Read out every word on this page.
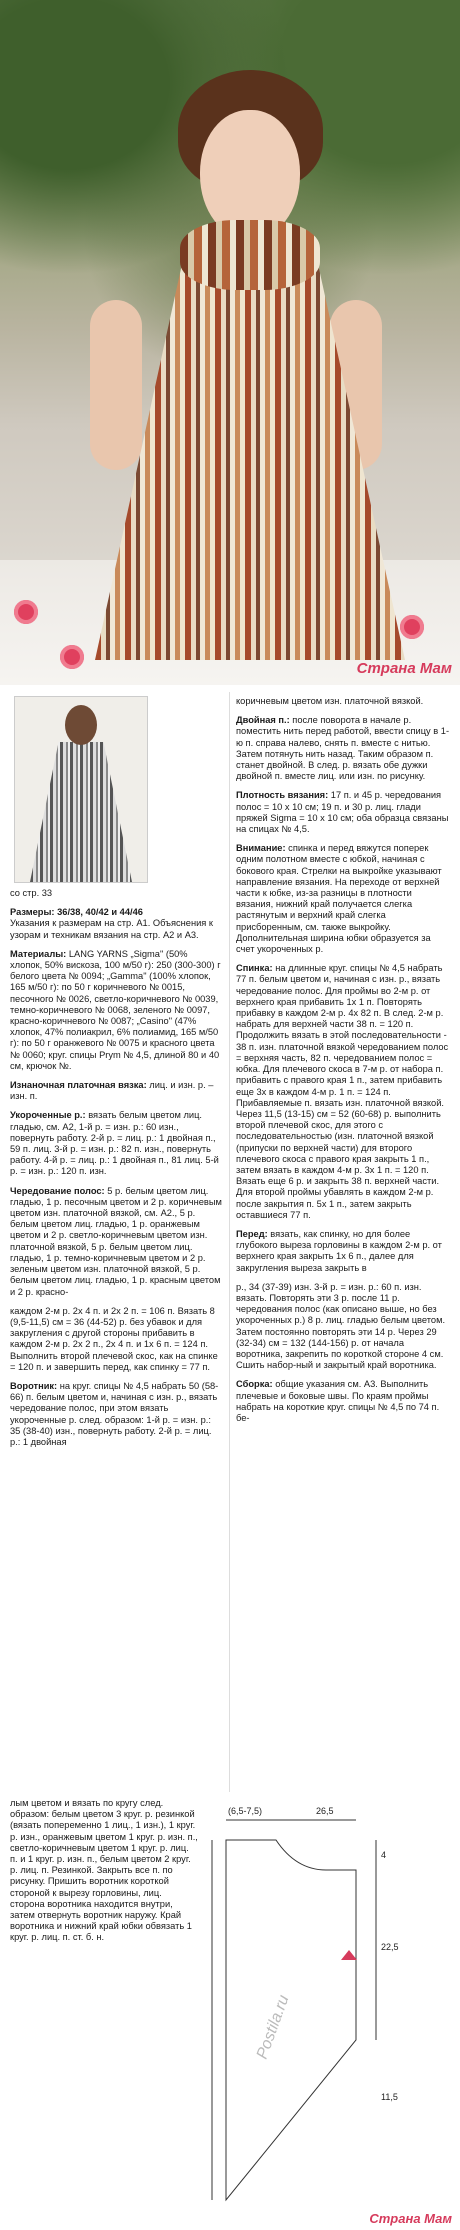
Страна Мам

со стр. 33

Размеры: 36/38, 40/42 и 44/46
Указания к размерам на стр. A1. Объяснения к узорам и техникам вязания на стр. A2 и A3.

Материалы: LANG YARNS „Sigma" (50% хлопок, 50% вискоза, 100 м/50 г): 250 (300-300) г белого цвета № 0094; „Gamma" (100% хлопок, 165 м/50 г): по 50 г коричневого № 0015, песочного № 0026, светло-коричневого № 0039, темно-коричневого № 0068, зеленого № 0097, красно-коричневого № 0087; „Casino" (47% хлопок, 47% полиакрил, 6% полиамид, 165 м/50 г): по 50 г оранжевого № 0075 и красного цвета № 0060; круг. спицы Prym № 4,5, длиной 80 и 40 см, крючок №.

Изнаночная платочная вязка: лиц. и изн. р. – изн. п.

Укороченные р.: вязать белым цветом лиц. гладью, см. A2, 1-й р. = изн. р.: 60 изн., повернуть работу. 2-й р. = лиц. р.: 1 двойная п., 59 п. лиц. 3-й р. = изн. р.: 82 п. изн., повернуть работу. 4-й р. = лиц. р.: 1 двойная п., 81 лиц. 5-й р. = изн. р.: 120 п. изн.

Чередование полос: 5 р. белым цветом лиц. гладью, 1 р. песочным цветом и 2 р. коричневым цветом изн. платочной вязкой, см. A2., 5 р. белым цветом лиц. гладью, 1 р. оранжевым цветом и 2 р. светло-коричневым цветом изн. платочной вязкой, 5 р. белым цветом лиц. гладью, 1 р. темно-коричневым цветом и 2 р. зеленым цветом изн. платочной вязкой, 5 р. белым цветом лиц. гладью, 1 р. красным цветом и 2 р. красно-

каждом 2-м р. 2х 4 п. и 2х 2 п. = 106 п. Вязать 8 (9,5-11,5) см = 36 (44-52) р. без убавок и для закругления с другой стороны прибавить в каждом 2-м р. 2х 2 п., 2х 4 п. и 1х 6 п. = 124 п. Выполнить второй плечевой скос, как на спинке = 120 п. и завершить перед, как спинку = 77 п.

Воротник: на круг. спицы № 4,5 набрать 50 (58-66) п. белым цветом и, начиная с изн. р., вязать чередование полос, при этом вязать укороченные р. след. образом: 1-й р. = изн. р.: 35 (38-40) изн., повернуть работу. 2-й р. = лиц. р.: 1 двойная

коричневым цветом изн. платочной вязкой.

Двойная п.: после поворота в начале р. поместить нить перед работой, ввести спицу в 1-ю п. справа налево, снять п. вместе с нитью. Затем потянуть нить назад. Таким образом п. станет двойной. В след. р. вязать обе дужки двойной п. вместе лиц. или изн. по рисунку.

Плотность вязания: 17 п. и 45 р. чередования полос = 10 х 10 см; 19 п. и 30 р. лиц. глади пряжей Sigma = 10 х 10 см; оба образца связаны на спицах № 4,5.

Внимание: спинка и перед вяжутся поперек одним полотном вместе с юбкой, начиная с бокового края. Стрелки на выкройке указывают направление вязания. На переходе от верхней части к юбке, из-за разницы в плотности вязания, нижний край получается слегка растянутым и верхний край слегка присборенным, см. также выкройку. Дополнительная ширина юбки образуется за счет укороченных р.

Спинка: на длинные круг. спицы № 4,5 набрать 77 п. белым цветом и, начиная с изн. р., вязать чередование полос. Для проймы во 2-м р. от верхнего края прибавить 1х 1 п. Повторять прибавку в каждом 2-м р. 4х 82 п. В след. 2-м р. набрать для верхней части 38 п. = 120 п. Продолжить вязать в этой последовательности - 38 п. изн. платочной вязкой чередованием полос = верхняя часть, 82 п. чередованием полос = юбка. Для плечевого скоса в 7-м р. от набора п. прибавить с правого края 1 п., затем прибавить еще 3х в каждом 4-м р. 1 п. = 124 п. Прибавляемые п. вязать изн. платочной вязкой. Через 11,5 (13-15) см = 52 (60-68) р. выполнить второй плечевой скос, для этого с последовательностью (изн. платочной вязкой (припуски по верхней части) для второго плечевого скоса с правого края закрыть 1 п., затем вязать в каждом 4-м р. 3х 1 п. = 120 п. Вязать еще 6 р. и закрыть 38 п. верхней части. Для второй проймы убавлять в каждом 2-м р. после закрытия п. 5х 1 п., затем закрыть оставшиеся 77 п.

Перед: вязать, как спинку, но для более глубокого выреза горловины в каждом 2-м р. от верхнего края закрыть 1х 6 п., далее для закругления выреза закрыть в

р., 34 (37-39) изн. 3-й р. = изн. р.: 60 п. изн. вязать. Повторять эти 3 р. после 11 р. чередования полос (как описано выше, но без укороченных р.) 8 р. лиц. гладью белым цветом. Затем постоянно повторять эти 14 р. Через 29 (32-34) см = 132 (144-156) р. от начала воротника, закрепить по короткой стороне 4 см. Сшить набор-ный и закрытый край воротника.

Сборка: общие указания см. A3. Выполнить плечевые и боковые швы. По краям проймы набрать на короткие круг. спицы № 4,5 по 74 п. бе-

лым цветом и вязать по кругу след. образом: белым цветом 3 круг. р. резинкой (вязать попеременно 1 лиц., 1 изн.), 1 круг. р. изн., оранжевым цветом 1 круг. р. изн. п., светло-коричневым цветом 1 круг. р. лиц. п. и 1 круг. р. изн. п., белым цветом 2 круг. р. лиц. п. Резинкой. Закрыть все п. по рисунку. Пришить воротник короткой стороной к вырезу горловины, лиц. сторона воротника находится внутри, затем отвернуть воротник наружу. Край воротника и нижний край юбки обвязать 1 круг. р. лиц. п. ст. б. н.

(6,5-7,5)	26,5
22,5
4
11,5
Postila.ru
Страна Мам
